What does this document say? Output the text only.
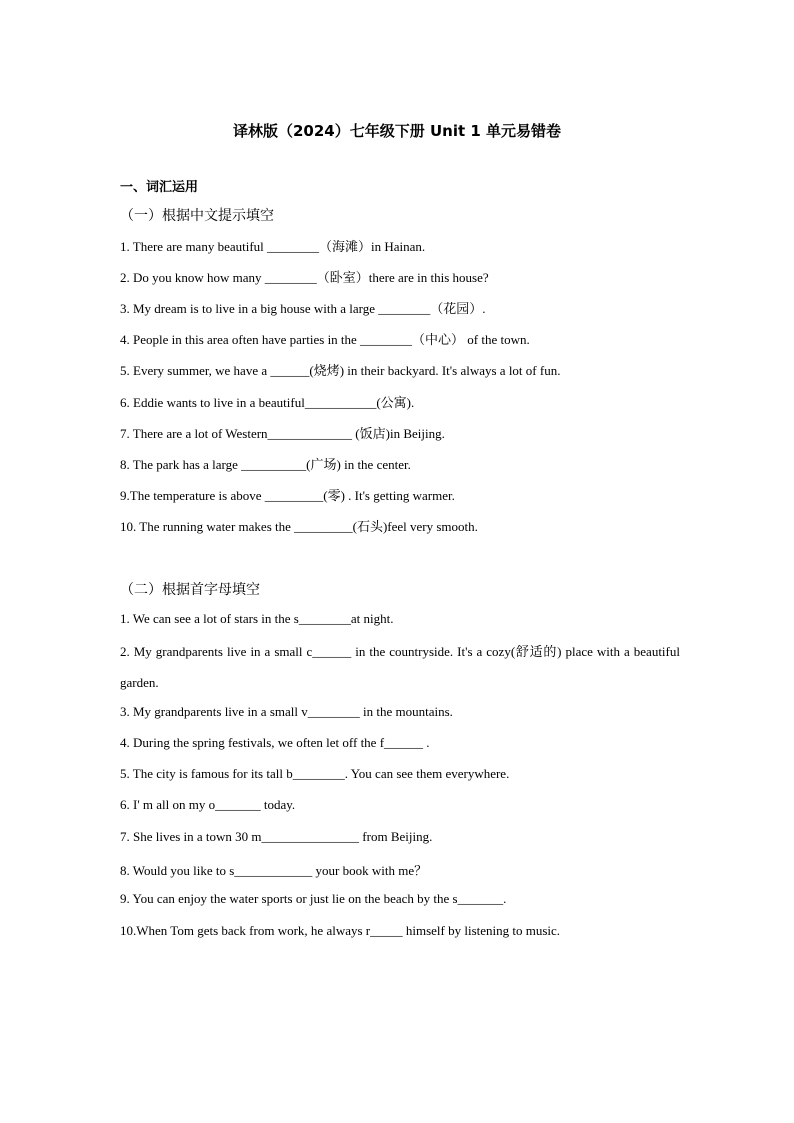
译林版（2024）七年级下册 Unit 1 单元易错卷
一、词汇运用
（一）根据中文提示填空
1. There are many beautiful ________（海滩）in Hainan.
2. Do you know how many ________（卧室）there are in this house?
3. My dream is to live in a big house with a large ________（花园）.
4. People in this area often have parties in the ________（中心） of the town.
5. Every summer, we have a ______(烧烤) in their backyard. It's always a lot of fun.
6. Eddie wants to live in a beautiful___________(公寓).
7. There are a lot of Western_____________ (饭店)in Beijing.
8. The park has a large __________(广场) in the center.
9.The temperature is above _________(零) . It's getting warmer.
10. The running water makes the _________(石头)feel very smooth.
（二）根据首字母填空
1. We can see a lot of stars in the s________at night.
2. My grandparents live in a small c______ in the countryside. It's a cozy(舒适的) place with a beautiful garden.
3. My grandparents live in a small v________ in the mountains.
4. During the spring festivals, we often let off the f______ .
5. The city is famous for its tall b________. You can see them everywhere.
6. I' m all on my o_______ today.
7. She lives in a town 30 m_______________ from Beijing.
8. Would you like to s____________ your book with me？
9. You can enjoy the water sports or just lie on the beach by the s_______.
10.When Tom gets back from work, he always r_____ himself by listening to music.
